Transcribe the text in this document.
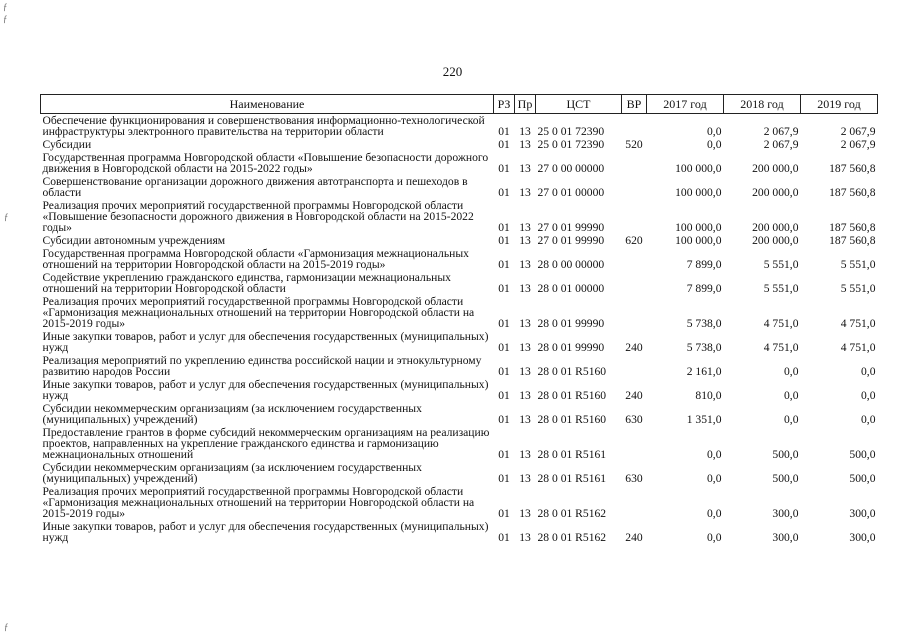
ƒ
ƒ
ƒ
ƒ
220
Наименование	РЗ	Пр	ЦСТ	ВР	2017 год	2018 год	2019 год
Обеспечение функционирования и совершенствования информационно-технологической инфраструктуры электронного правительства на территории области	01	13	25 0 01 72390		0,0	2 067,9	2 067,9
Субсидии	01	13	25 0 01 72390	520	0,0	2 067,9	2 067,9
Государственная программа Новгородской области «Повышение безопасности дорожного движения в Новгородской области на 2015-2022 годы»	01	13	27 0 00 00000		100 000,0	200 000,0	187 560,8
Совершенствование организации дорожного движения автотранспорта и пешеходов в области	01	13	27 0 01 00000		100 000,0	200 000,0	187 560,8
Реализация прочих мероприятий государственной программы Новгородской области «Повышение безопасности дорожного движения в Новгородской области на 2015-2022 годы»	01	13	27 0 01 99990		100 000,0	200 000,0	187 560,8
Субсидии автономным учреждениям	01	13	27 0 01 99990	620	100 000,0	200 000,0	187 560,8
Государственная программа Новгородской области «Гармонизация межнациональных отношений на территории Новгородской области на 2015-2019 годы»	01	13	28 0 00 00000		7 899,0	5 551,0	5 551,0
Содействие укреплению гражданского единства, гармонизации межнациональных отношений на территории Новгородской области	01	13	28 0 01 00000		7 899,0	5 551,0	5 551,0
Реализация прочих мероприятий государственной программы Новгородской области «Гармонизация межнациональных отношений на территории Новгородской области на 2015-2019 годы»	01	13	28 0 01 99990		5 738,0	4 751,0	4 751,0
Иные закупки товаров, работ и услуг для обеспечения государственных (муниципальных) нужд	01	13	28 0 01 99990	240	5 738,0	4 751,0	4 751,0
Реализация мероприятий по укреплению единства российской нации и этнокультурному развитию народов России	01	13	28 0 01 R5160		2 161,0	0,0	0,0
Иные закупки товаров, работ и услуг для обеспечения государственных (муниципальных) нужд	01	13	28 0 01 R5160	240	810,0	0,0	0,0
Субсидии некоммерческим организациям (за исключением государственных (муниципальных) учреждений)	01	13	28 0 01 R5160	630	1 351,0	0,0	0,0
Предоставление грантов в форме субсидий некоммерческим организациям на реализацию проектов, направленных на укрепление гражданского единства и гармонизацию межнациональных отношений	01	13	28 0 01 R5161		0,0	500,0	500,0
Субсидии некоммерческим организациям (за исключением государственных (муниципальных) учреждений)	01	13	28 0 01 R5161	630	0,0	500,0	500,0
Реализация прочих мероприятий государственной программы Новгородской области «Гармонизация межнациональных отношений на территории Новгородской области на 2015-2019 годы»	01	13	28 0 01 R5162		0,0	300,0	300,0
Иные закупки товаров, работ и услуг для обеспечения государственных (муниципальных) нужд	01	13	28 0 01 R5162	240	0,0	300,0	300,0
